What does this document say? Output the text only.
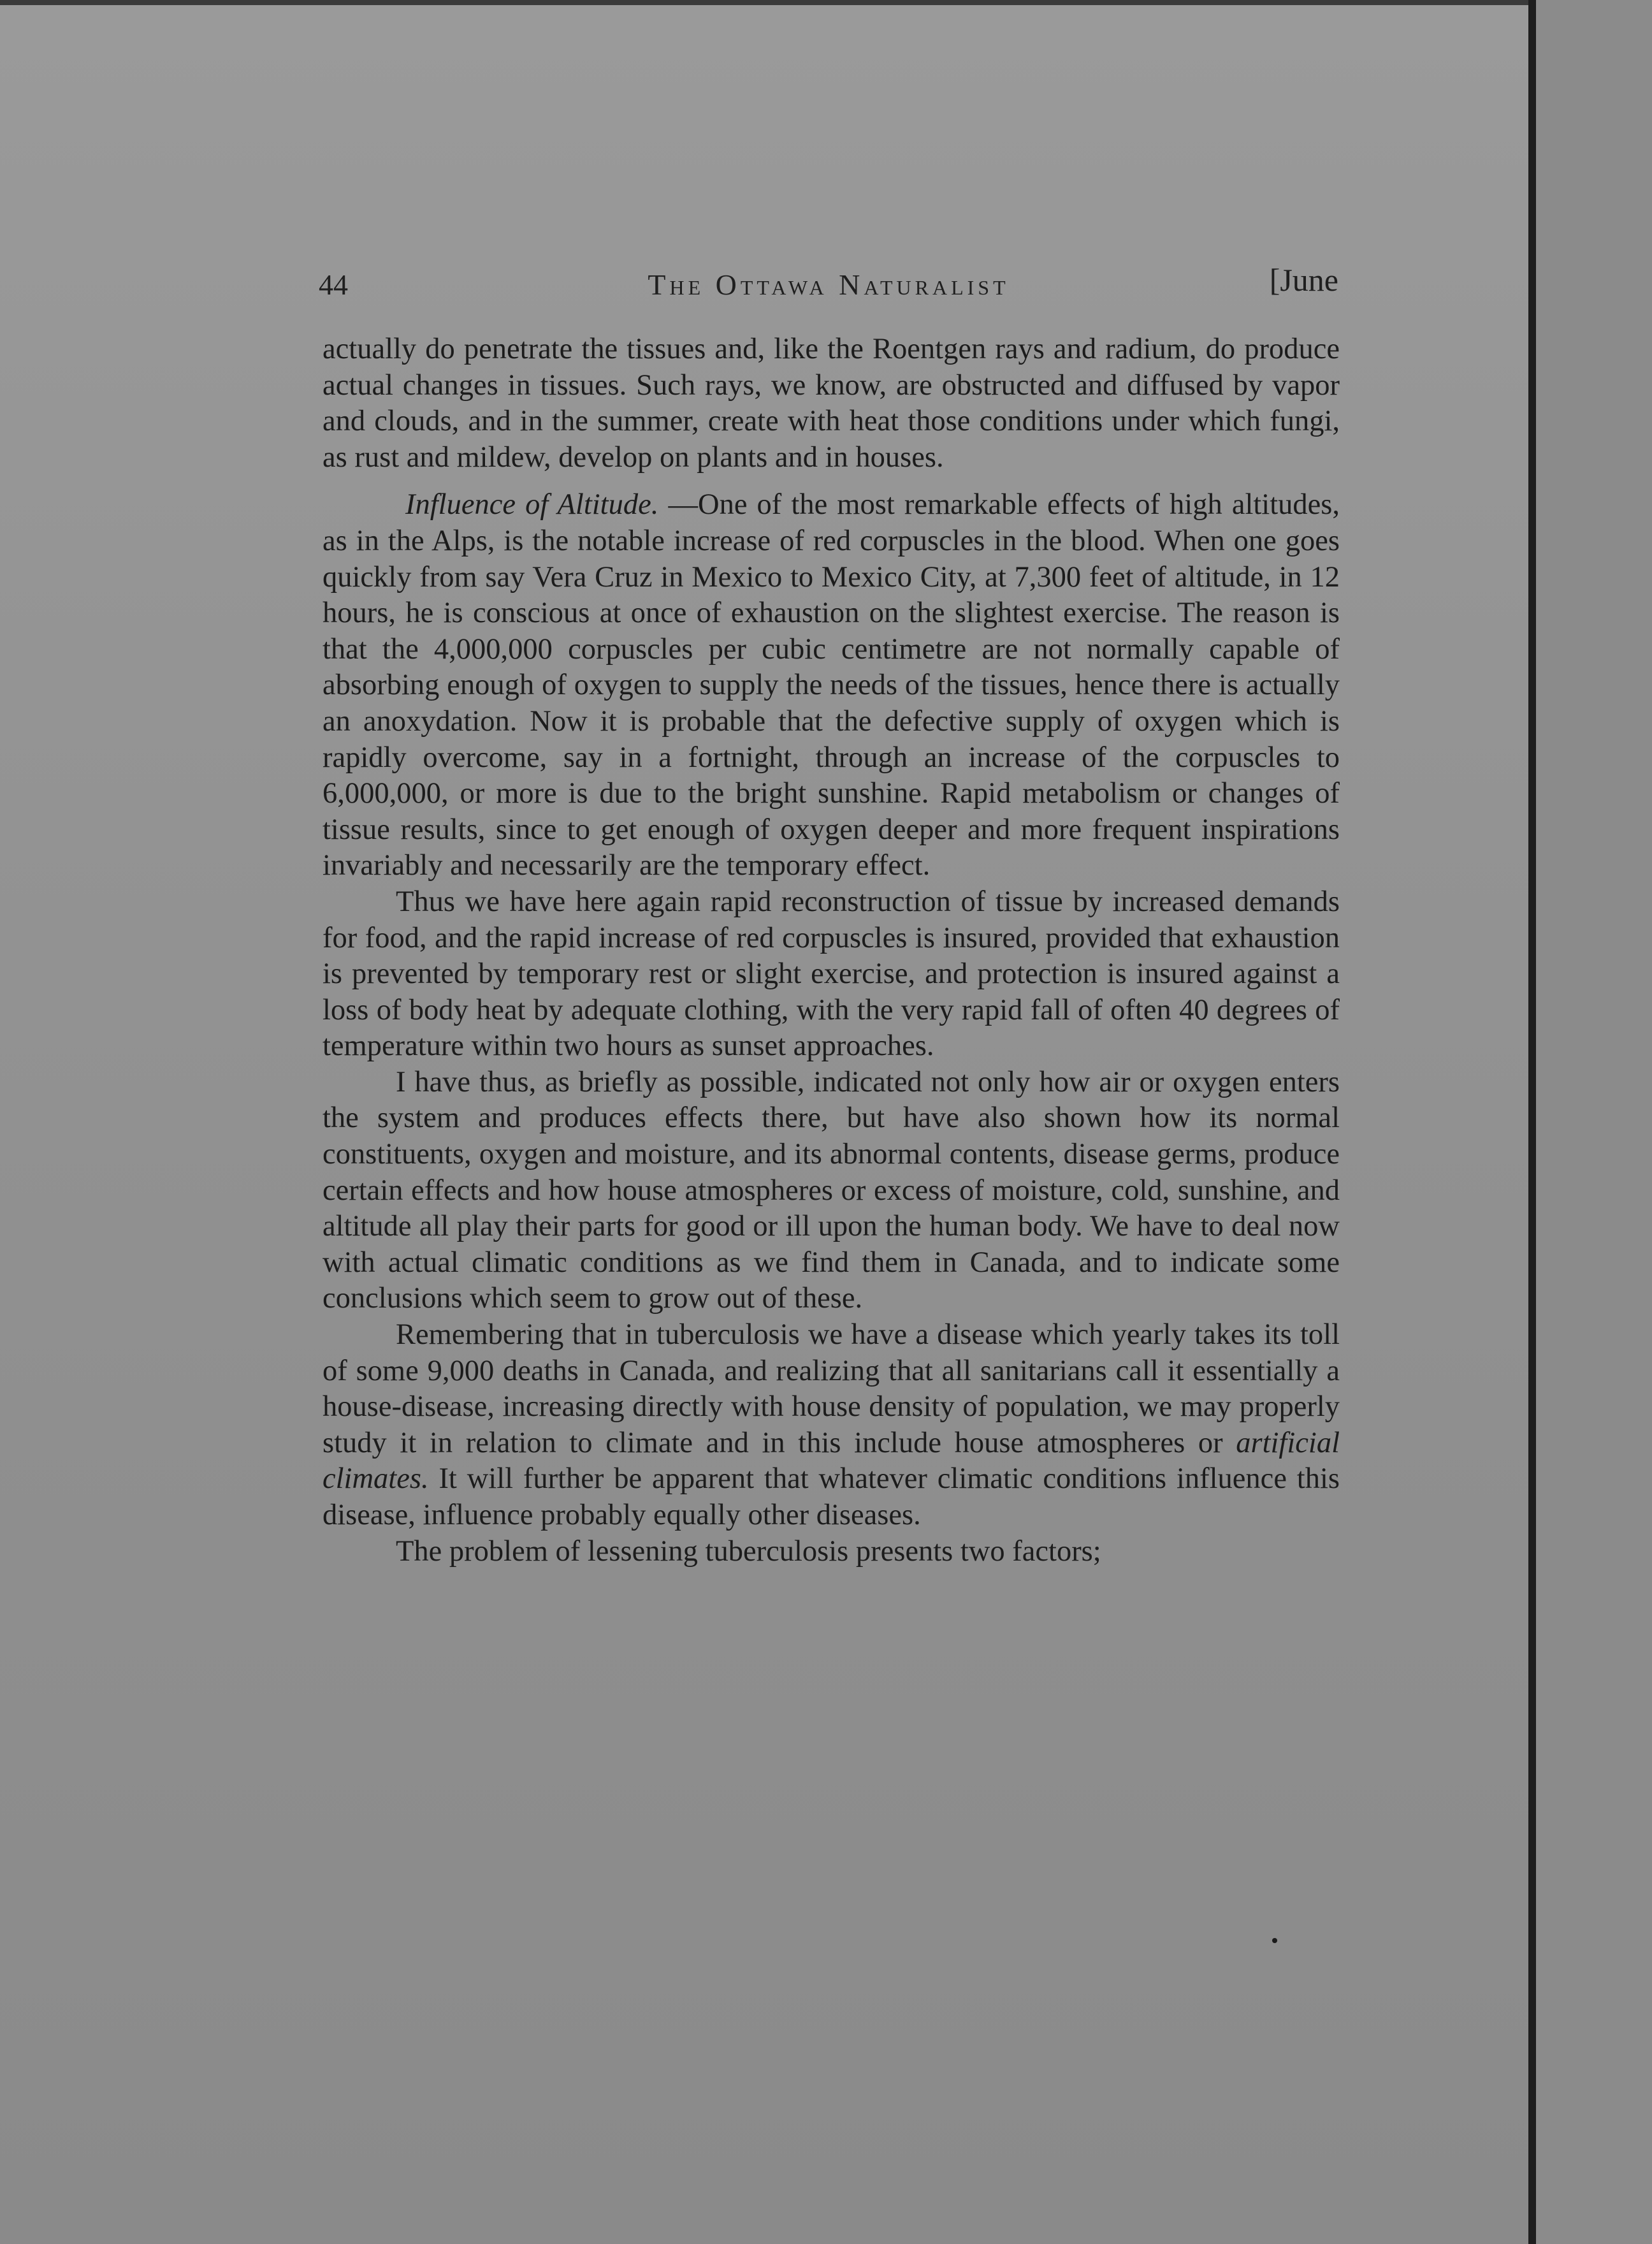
44	The Ottawa Naturalist	[June

actually do penetrate the tissues and, like the Roentgen rays and radium, do produce actual changes in tissues. Such rays, we know, are obstructed and diffused by vapor and clouds, and in the summer, create with heat those conditions under which fungi, as rust and mildew, develop on plants and in houses.

Influence of Altitude. —One of the most remarkable effects of high altitudes, as in the Alps, is the notable increase of red corpuscles in the blood. When one goes quickly from say Vera Cruz in Mexico to Mexico City, at 7,300 feet of altitude, in 12 hours, he is conscious at once of exhaustion on the slightest exercise. The reason is that the 4,000,000 corpuscles per cubic centimetre are not normally capable of absorbing enough of oxygen to supply the needs of the tissues, hence there is actually an anoxydation. Now it is probable that the defective supply of oxygen which is rapidly overcome, say in a fortnight, through an increase of the corpuscles to 6,000,000, or more is due to the bright sunshine. Rapid metabolism or changes of tissue results, since to get enough of oxygen deeper and more frequent inspirations invariably and necessarily are the temporary effect.

Thus we have here again rapid reconstruction of tissue by increased demands for food, and the rapid increase of red corpuscles is insured, provided that exhaustion is prevented by temporary rest or slight exercise, and protection is insured against a loss of body heat by adequate clothing, with the very rapid fall of often 40 degrees of temperature within two hours as sunset approaches.

I have thus, as briefly as possible, indicated not only how air or oxygen enters the system and produces effects there, but have also shown how its normal constituents, oxygen and moisture, and its abnormal contents, disease germs, produce certain effects and how house atmospheres or excess of moisture, cold, sunshine, and altitude all play their parts for good or ill upon the human body. We have to deal now with actual climatic conditions as we find them in Canada, and to indicate some conclusions which seem to grow out of these.

Remembering that in tuberculosis we have a disease which yearly takes its toll of some 9,000 deaths in Canada, and realizing that all sanitarians call it essentially a house-disease, increasing directly with house density of population, we may properly study it in relation to climate and in this include house atmospheres or artificial climates. It will further be apparent that whatever climatic conditions influence this disease, influence probably equally other diseases.

The problem of lessening tuberculosis presents two factors;
